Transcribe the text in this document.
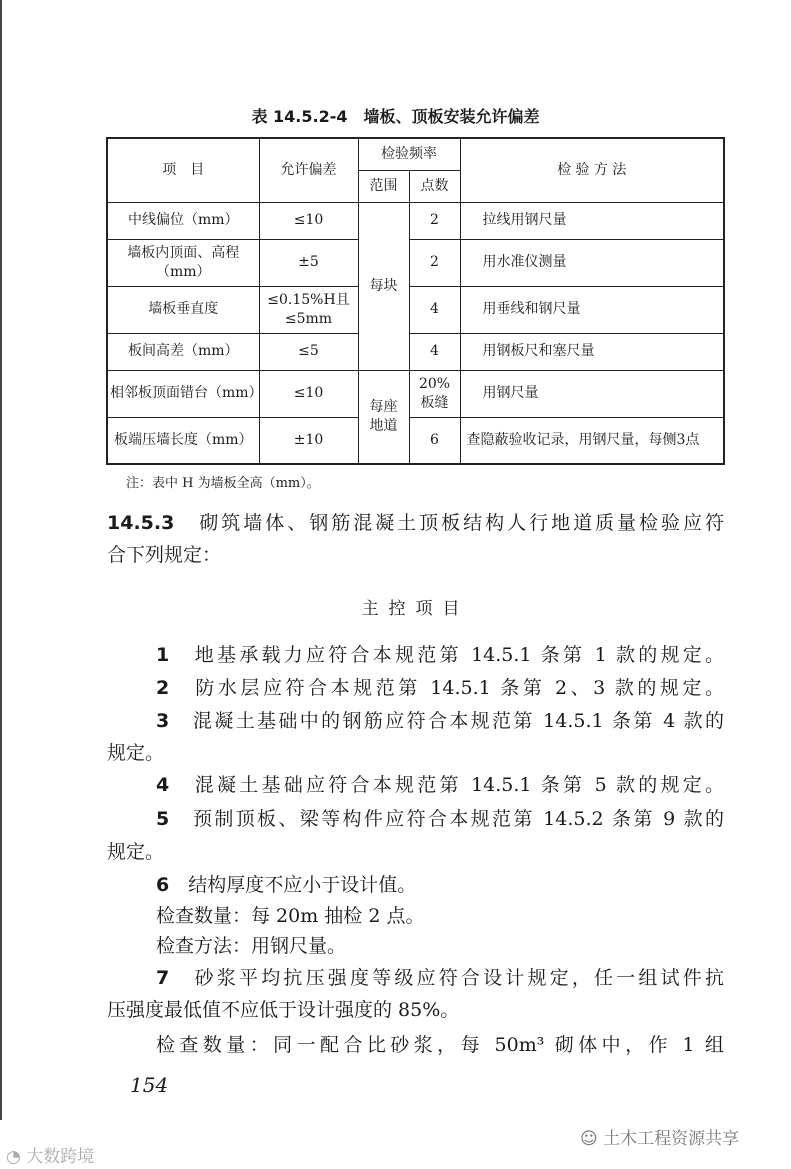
表 14.5.2-4　墙板、顶板安装允许偏差
项　目	允许偏差	检验频率		检 验 方 法
		范围	点数	
中线偏位（mm）	≤10	每块	2	拉线用钢尺量
墙板内顶面、高程（mm）	±5		2	用水准仪测量
墙板垂直度	≤0.15%H且≤5mm		4	用垂线和钢尺量
板间高差（mm）	≤5		4	用钢板尺和塞尺量
相邻板顶面错台（mm）	≤10	每座地道	20%板缝	用钢尺量
板端压墙长度（mm）	±10		6	查隐蔽验收记录，用钢尺量，每侧3点
注：表中 H 为墙板全高（mm）。
14.5.3　 砌筑墙体、钢筋混凝土顶板结构人行地道质量检验应符
合下列规定：
主控项目
1　 地基承载力应符合本规范第 14.5.1 条第 1 款的规定。
2　 防水层应符合本规范第 14.5.1 条第 2、3 款的规定。
3　 混凝土基础中的钢筋应符合本规范第 14.5.1 条第 4 款的
规定。
4　 混凝土基础应符合本规范第 14.5.1 条第 5 款的规定。
5　 预制顶板、梁等构件应符合本规范第 14.5.2 条第 9 款的
规定。
6　 结构厚度不应小于设计值。
检查数量：每 20m 抽检 2 点。
检查方法：用钢尺量。
7　 砂浆平均抗压强度等级应符合设计规定，任一组试件抗
压强度最低值不应低于设计强度的 85%。
检查数量：同一配合比砂浆，每 50m³ 砌体中，作 1 组
154
◔ 大数跨境
☺ 土木工程资源共享
